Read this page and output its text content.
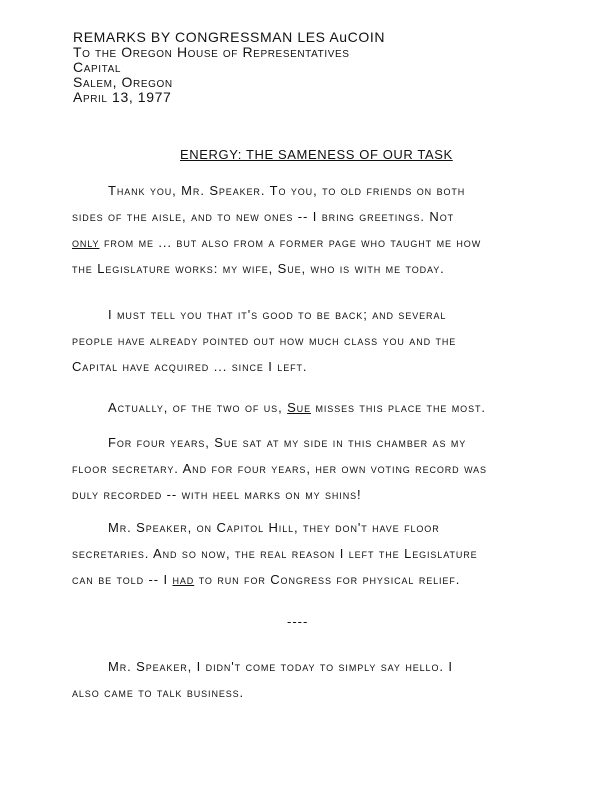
REMARKS BY CONGRESSMAN LES AuCOIN
To the Oregon House of Representatives
Capital
Salem, Oregon
April 13, 1977
ENERGY: THE SAMENESS OF OUR TASK
Thank you, Mr. Speaker. To you, to old friends on both
sides of the aisle, and to new ones -- I bring greetings. Not
only from me ... but also from a former page who taught me how
the Legislature works: my wife, Sue, who is with me today.
I must tell you that it's good to be back; and several
people have already pointed out how much class you and the
Capital have acquired ... since I left.
Actually, of the two of us, Sue misses this place the most.
For four years, Sue sat at my side in this chamber as my
floor secretary. And for four years, her own voting record was
duly recorded -- with heel marks on my shins!
Mr. Speaker, on Capitol Hill, they don't have floor
secretaries. And so now, the real reason I left the Legislature
can be told -- I had to run for Congress for physical relief.
----
Mr. Speaker, I didn't come today to simply say hello. I
also came to talk business.
